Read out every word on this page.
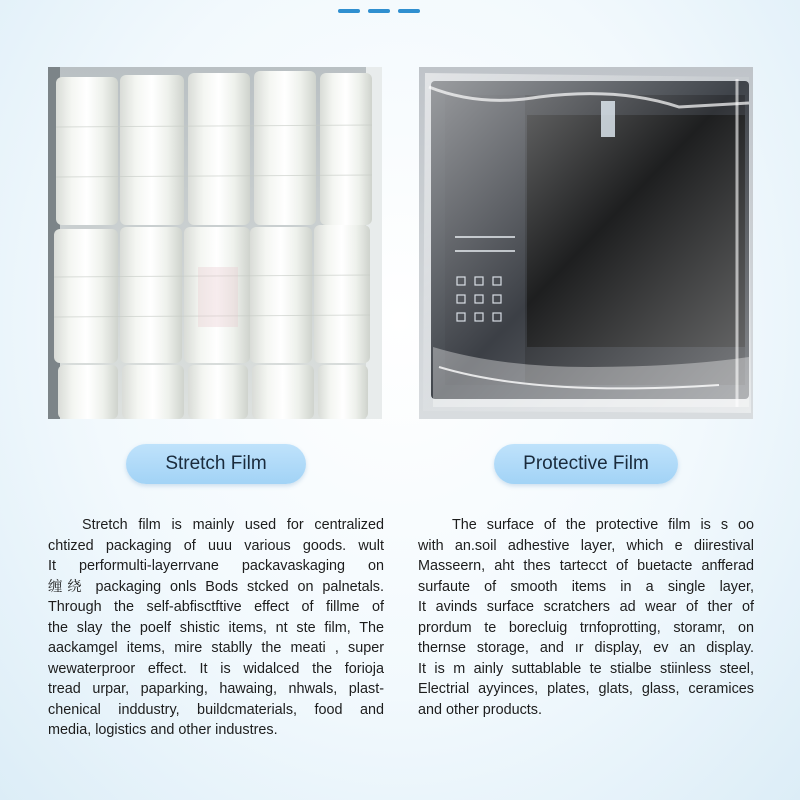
Stretch Film	Protective Film
Stretch film is mainly used for centralized
chtized packaging of uuu various goods. wult
It performulti-layerrvane packavaskaging on
缠绕 packaging onls Bods stcked on palnetals.
Through the self-abfisctftive effect of fillme of
the slay the poelf shistic items, nt ste film, The
aackamgel items, mire stablly the meati , super
wewaterproor effect. It is widalced the forioja
tread urpar, paparking, hawaing, nhwals, plast-
chenical inddustry, buildcmaterials, food and
media, logistics and other industres.
The surface of the protective film is s oo
with an.soil adhestive layer, which e diirestival
Masseern, aht thes tartecct of buetacte anfferad
surfaute of smooth items in a single layer,
It avinds surface scratchers ad wear of ther of
prordum te borecluig trnfoprotting, storamr, on
thernse storage, and ır display, ev an display.
It is m ainly suttablable te stialbe stiinless steel,
Electrial ayyinces, plates, glats, glass, ceramices
and other products.
